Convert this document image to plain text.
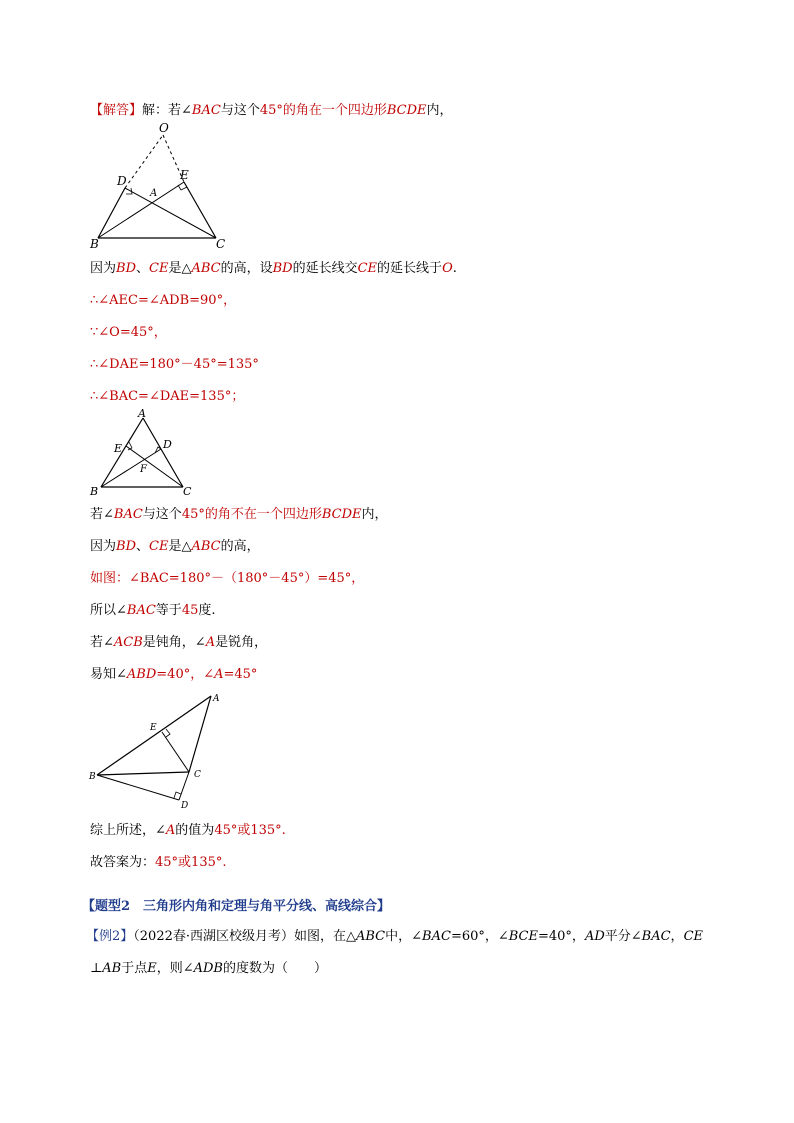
【解答】解：若∠BAC与这个45°的角在一个四边形BCDE内，
O
D	E
A
B	C
因为BD、CE是△ABC的高，设BD的延长线交CE的延长线于O.
∴∠AEC=∠ADB=90°，
∵∠O=45°，
∴∠DAE=180°－45°=135°
∴∠BAC=∠DAE=135°；
A
E	D
F
B	C
若∠BAC与这个45°的角不在一个四边形BCDE内，
因为BD、CE是△ABC的高，
如图：∠BAC=180°－（180°－45°）=45°，
所以∠BAC等于45度.
若∠ACB是钝角，∠A是锐角，
易知∠ABD=40°，∠A=45°
A
E
B	C
D
综上所述，∠A的值为45°或135°.
故答案为：45°或135°.
【题型2　三角形内角和定理与角平分线、高线综合】
【例2】（2022春·西湖区校级月考）如图，在△ABC中，∠BAC=60°，∠BCE=40°，AD平分∠BAC，CE
⊥AB于点E，则∠ADB的度数为（　　）
